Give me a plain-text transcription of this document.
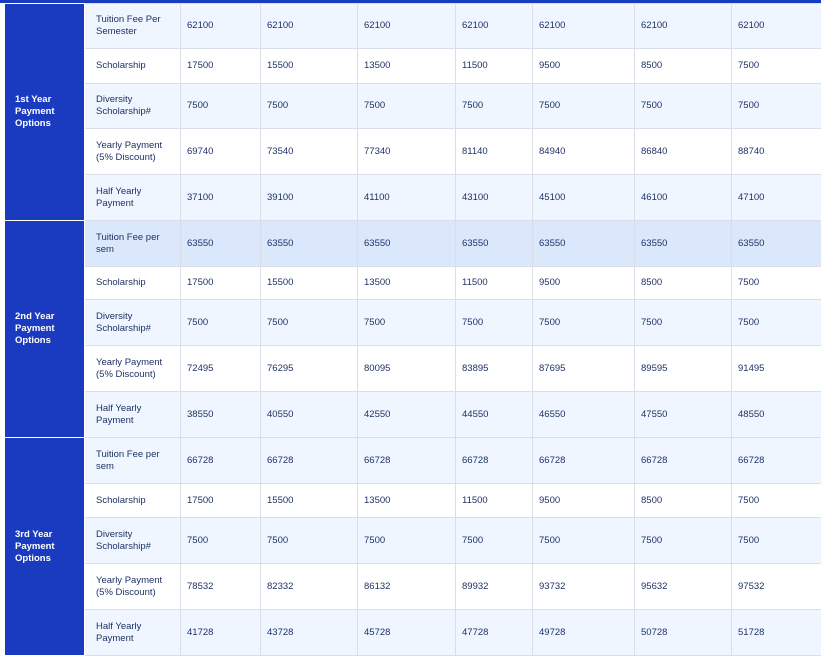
1st Year
Payment
Options	Tuition Fee Per Semester	62100	62100	62100	62100	62100	62100	62100
	Scholarship	17500	15500	13500	11500	9500	8500	7500
	Diversity Scholarship#	7500	7500	7500	7500	7500	7500	7500
	Yearly Payment (5% Discount)	69740	73540	77340	81140	84940	86840	88740
	Half Yearly Payment	37100	39100	41100	43100	45100	46100	47100
2nd Year
Payment
Options	Tuition Fee per sem	63550	63550	63550	63550	63550	63550	63550
	Scholarship	17500	15500	13500	11500	9500	8500	7500
	Diversity Scholarship#	7500	7500	7500	7500	7500	7500	7500
	Yearly Payment (5% Discount)	72495	76295	80095	83895	87695	89595	91495
	Half Yearly Payment	38550	40550	42550	44550	46550	47550	48550
3rd Year
Payment
Options	Tuition Fee per sem	66728	66728	66728	66728	66728	66728	66728
	Scholarship	17500	15500	13500	11500	9500	8500	7500
	Diversity Scholarship#	7500	7500	7500	7500	7500	7500	7500
	Yearly Payment (5% Discount)	78532	82332	86132	89932	93732	95632	97532
	Half Yearly Payment	41728	43728	45728	47728	49728	50728	51728
